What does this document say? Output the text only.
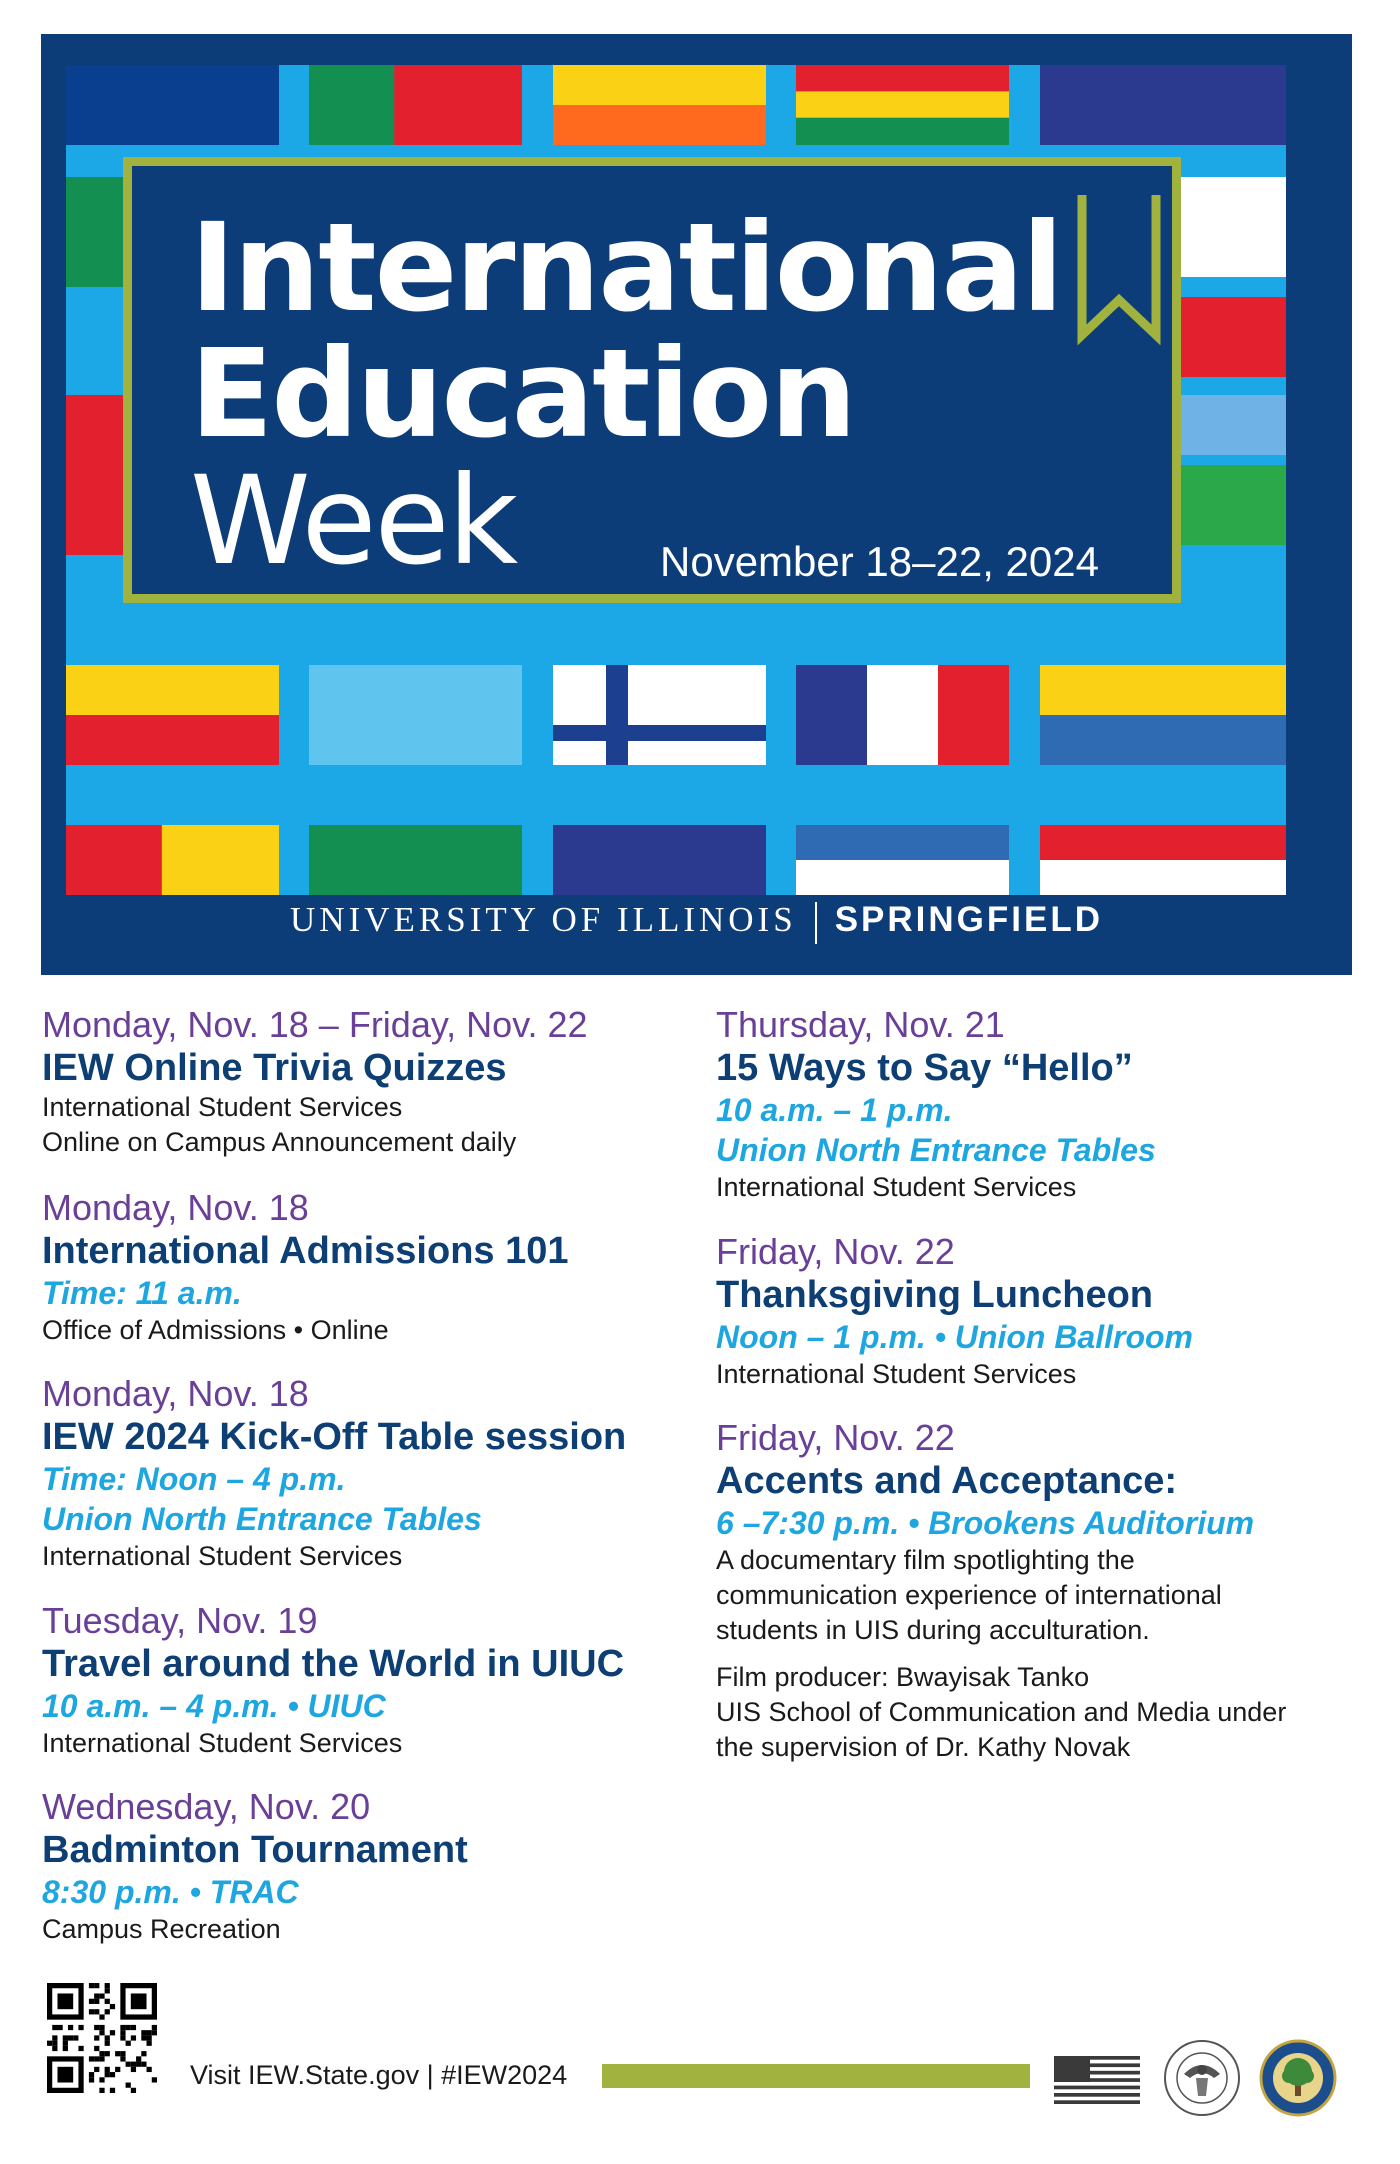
International
Education
Week	November 18–22, 2024
UNIVERSITY OF ILLINOIS SPRINGFIELD
Monday, Nov. 18 – Friday, Nov. 22
IEW Online Trivia Quizzes
International Student Services
Online on Campus Announcement daily
Monday, Nov. 18
International Admissions 101
Time: 11 a.m.
Office of Admissions • Online
Monday, Nov. 18
IEW 2024 Kick-Off Table session
Time: Noon – 4 p.m.
Union North Entrance Tables
International Student Services
Tuesday, Nov. 19
Travel around the World in UIUC
10 a.m. – 4 p.m. • UIUC
International Student Services
Wednesday, Nov. 20
Badminton Tournament
8:30 p.m. • TRAC
Campus Recreation
Thursday, Nov. 21
15 Ways to Say “Hello”
10 a.m. – 1 p.m.
Union North Entrance Tables
International Student Services
Friday, Nov. 22
Thanksgiving Luncheon
Noon – 1 p.m. • Union Ballroom
International Student Services
Friday, Nov. 22
Accents and Acceptance:
6 –7:30 p.m. • Brookens Auditorium
A documentary film spotlighting the
communication experience of international
students in UIS during acculturation.
Film producer: Bwayisak Tanko
UIS School of Communication and Media under
the supervision of Dr. Kathy Novak
Visit IEW.State.gov | #IEW2024
